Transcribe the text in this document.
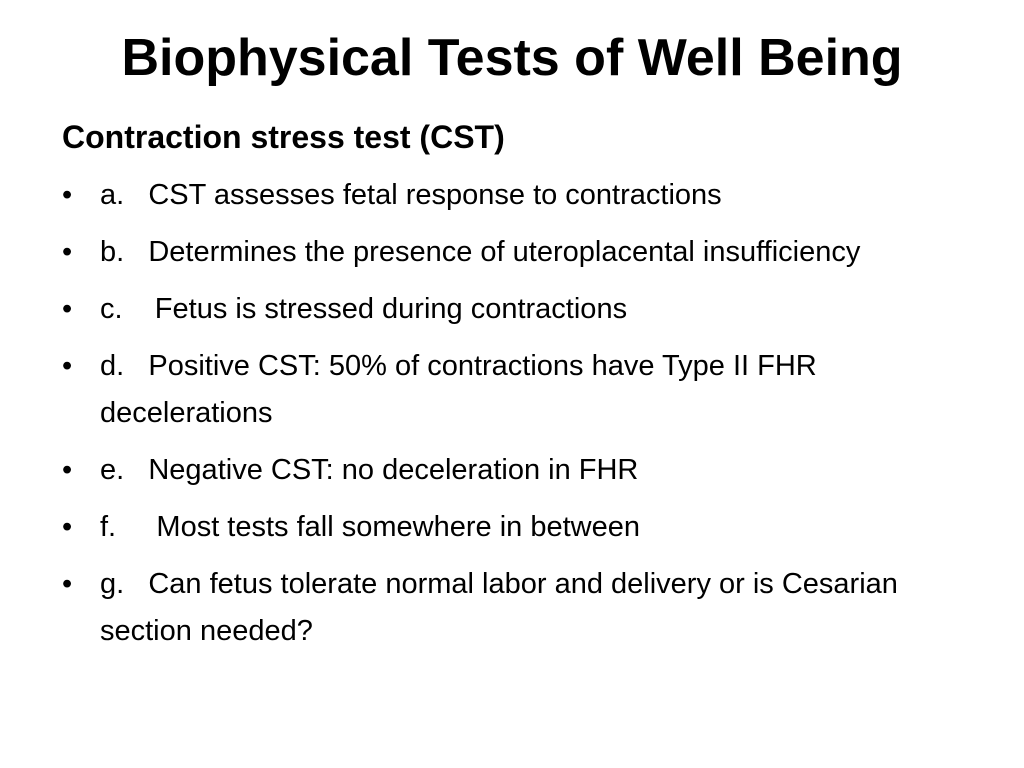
Biophysical Tests of Well Being
Contraction stress test (CST)
• a.   CST assesses fetal response to contractions
• b.   Determines the presence of uteroplacental insufficiency
• c.    Fetus is stressed during contractions
• d.   Positive CST: 50% of contractions have Type II FHR decelerations
• e.   Negative CST: no deceleration in FHR
• f.     Most tests fall somewhere in between
• g.   Can fetus tolerate normal labor and delivery or is Cesarian section needed?
